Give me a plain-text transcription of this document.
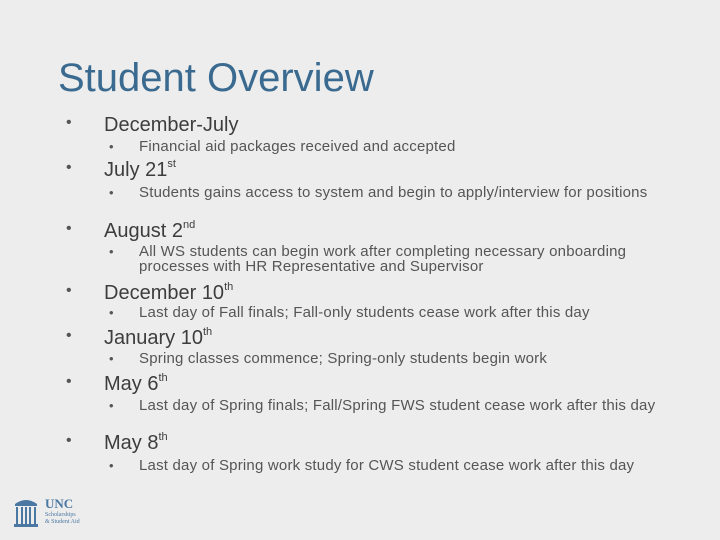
Student Overview
• December-July
• Financial aid packages received and accepted
• July 21st
• Students gains access to system and begin to apply/interview for positions
• August 2nd
• All WS students can begin work after completing necessary onboarding processes with HR Representative and Supervisor
• December 10th
• Last day of Fall finals; Fall-only students cease work after this day
• January 10th
• Spring classes commence; Spring-only students begin work
• May 6th
• Last day of Spring finals; Fall/Spring FWS student cease work after this day
• May 8th
• Last day of Spring work study for CWS student cease work after this day
UNC
Scholarships
& Student Aid
